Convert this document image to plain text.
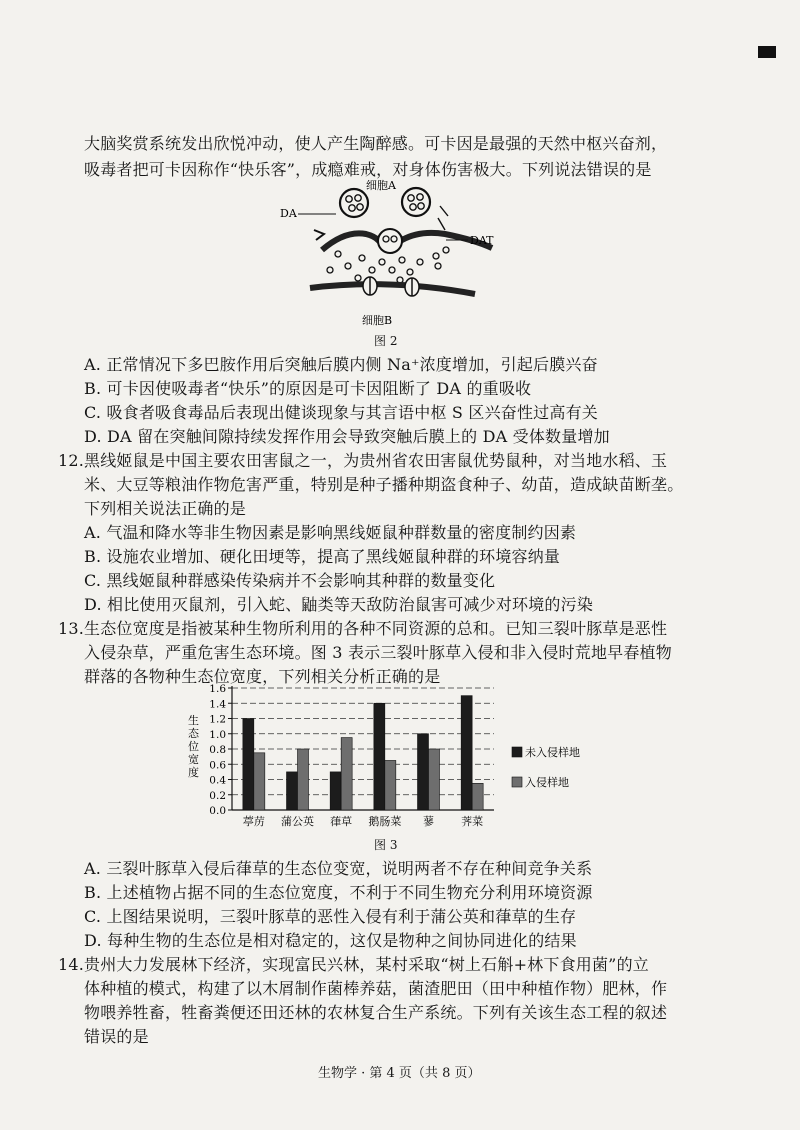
大脑奖赏系统发出欣悦冲动，使人产生陶醉感。可卡因是最强的天然中枢兴奋剂，
吸毒者把可卡因称作“快乐客”，成瘾难戒，对身体伤害极大。下列说法错误的是
细胞A
DA
DAT
细胞B
图 2
A. 正常情况下多巴胺作用后突触后膜内侧 Na⁺浓度增加，引起后膜兴奋
B. 可卡因使吸毒者“快乐”的原因是可卡因阻断了 DA 的重吸收
C. 吸食者吸食毒品后表现出健谈现象与其言语中枢 S 区兴奋性过高有关
D. DA 留在突触间隙持续发挥作用会导致突触后膜上的 DA 受体数量增加
12. 黑线姬鼠是中国主要农田害鼠之一，为贵州省农田害鼠优势鼠种，对当地水稻、玉
米、大豆等粮油作物危害严重，特别是种子播种期盗食种子、幼苗，造成缺苗断垄。
下列相关说法正确的是
A. 气温和降水等非生物因素是影响黑线姬鼠种群数量的密度制约因素
B. 设施农业增加、硬化田埂等，提高了黑线姬鼠种群的环境容纳量
C. 黑线姬鼠种群感染传染病并不会影响其种群的数量变化
D. 相比使用灭鼠剂，引入蛇、鼬类等天敌防治鼠害可减少对环境的污染
13. 生态位宽度是指被某种生物所利用的各种不同资源的总和。已知三裂叶豚草是恶性
入侵杂草，严重危害生态环境。图 3 表示三裂叶豚草入侵和非入侵时荒地早春植物
群落的各物种生态位宽度，下列相关分析正确的是
生
态
位
宽
度
0.0
0.2
0.4
0.6
0.8
1.0
1.2
1.4
1.6
葶苈 蒲公英 葎草 鹅肠菜 蓼 荠菜
未入侵样地
入侵样地
图 3
A. 三裂叶豚草入侵后葎草的生态位变宽，说明两者不存在种间竞争关系
B. 上述植物占据不同的生态位宽度，不利于不同生物充分利用环境资源
C. 上图结果说明，三裂叶豚草的恶性入侵有利于蒲公英和葎草的生存
D. 每种生物的生态位是相对稳定的，这仅是物种之间协同进化的结果
14. 贵州大力发展林下经济，实现富民兴林，某村采取“树上石斛+林下食用菌”的立
体种植的模式，构建了以木屑制作菌棒养菇，菌渣肥田（田中种植作物）肥林，作
物喂养牲畜，牲畜粪便还田还林的农林复合生产系统。下列有关该生态工程的叙述
错误的是
生物学 · 第 4 页（共 8 页）
